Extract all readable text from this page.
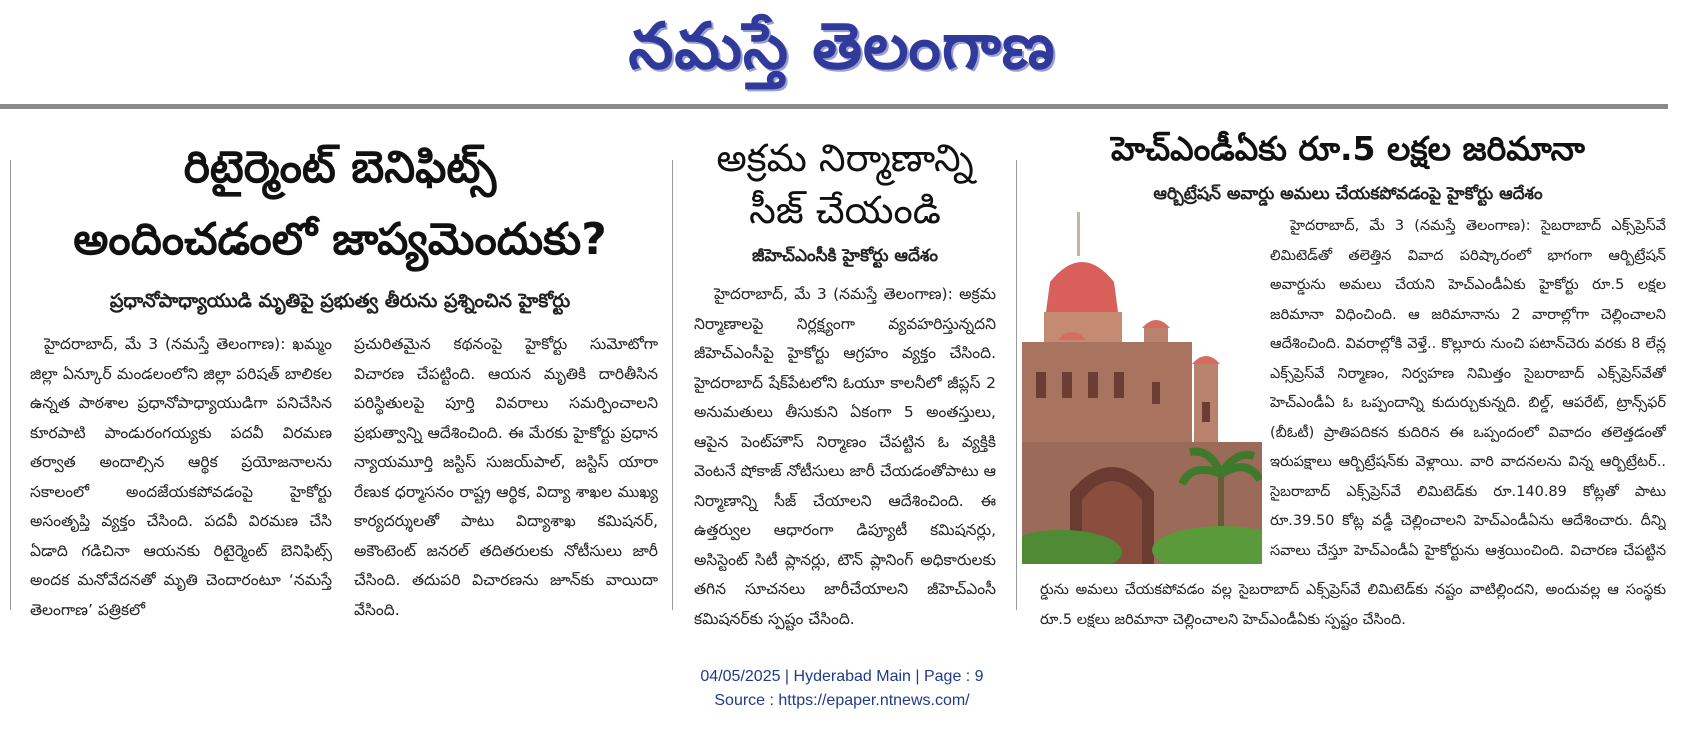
నమస్తే తెలంగాణ
రిటైర్మెంట్ బెనిఫిట్స్
అందించడంలో జాప్యమెందుకు?
ప్రధానోపాధ్యాయుడి మృతిపై ప్రభుత్వ తీరును ప్రశ్నించిన హైకోర్టు
హైదరాబాద్, మే 3 (నమస్తే తెలంగాణ): ఖమ్మం జిల్లా ఏన్కూర్ మండలంలోని జిల్లా పరిషత్ బాలికల ఉన్నత పాఠశాల ప్రధానోపాధ్యాయుడిగా పనిచేసిన కూరపాటి పాండురంగయ్యకు పదవీ విరమణ తర్వాత అందాల్సిన ఆర్థిక ప్రయోజనాలను సకాలంలో అందజేయకపోవడంపై హైకోర్టు అసంతృప్తి వ్యక్తం చేసింది. పదవీ విరమణ చేసి ఏడాది గడిచినా ఆయనకు రిటైర్మెంట్ బెనిఫిట్స్ అందక మనోవేదనతో మృతి చెందారంటూ ‘నమస్తే తెలంగాణ’ పత్రికలో
ప్రచురితమైన కథనంపై హైకోర్టు సుమోటోగా విచారణ చేపట్టింది. ఆయన మృతికి దారితీసిన పరిస్థితులపై పూర్తి వివరాలు సమర్పించాలని ప్రభుత్వాన్ని ఆదేశించింది. ఈ మేరకు హైకోర్టు ప్రధాన న్యాయమూర్తి జస్టిస్ సుజయ్‌పాల్, జస్టిస్ యారా రేణుక ధర్మాసనం రాష్ట్ర ఆర్థిక, విద్యా శాఖల ముఖ్య కార్యదర్శులతో పాటు విద్యాశాఖ కమిషనర్, అకౌంటెంట్ జనరల్ తదితరులకు నోటీసులు జారీ చేసింది. తదుపరి విచారణను జూన్‌కు వాయిదా వేసింది.
అక్రమ నిర్మాణాన్ని
సీజ్ చేయండి
జీహెచ్ఎంసీకి హైకోర్టు ఆదేశం
హైదరాబాద్, మే 3 (నమస్తే తెలంగాణ): అక్రమ నిర్మాణాలపై నిర్లక్ష్యంగా వ్యవహరిస్తున్నదని జీహెచ్ఎంసీపై హైకోర్టు ఆగ్రహం వ్యక్తం చేసింది. హైదరాబాద్ షేక్‌పేటలోని ఓయూ కాలనీలో జీప్లస్ 2 అనుమతులు తీసుకుని ఏకంగా 5 అంతస్తులు, ఆపైన పెంట్‌హౌస్ నిర్మాణం చేపట్టిన ఓ వ్యక్తికి వెంటనే షోకాజ్ నోటీసులు జారీ చేయడంతోపాటు ఆ నిర్మాణాన్ని సీజ్ చేయాలని ఆదేశించింది. ఈ ఉత్తర్వుల ఆధారంగా డిప్యూటీ కమిషనర్లు, అసిస్టెంట్ సిటీ ప్లానర్లు, టౌన్ ప్లానింగ్ అధికారులకు తగిన సూచనలు జారీచేయాలని జీహెచ్ఎంసీ కమిషనర్‌కు స్పష్టం చేసింది.
హెచ్ఎండీఏకు రూ.5 లక్షల జరిమానా
ఆర్బిట్రేషన్ అవార్డు అమలు చేయకపోవడంపై హైకోర్టు ఆదేశం
హైదరాబాద్, మే 3 (నమస్తే తెలంగాణ): సైబరాబాద్ ఎక్స్‌ప్రెస్‌వే లిమిటెడ్‌తో తలెత్తిన వివాద పరిష్కారంలో భాగంగా ఆర్బిట్రేషన్ అవార్డును అమలు చేయని హెచ్ఎండీఏకు హైకోర్టు రూ.5 లక్షల జరిమానా విధించింది. ఆ జరిమానాను 2 వారాల్లోగా చెల్లించాలని ఆదేశించింది. వివరాల్లోకి వెళ్తే.. కొల్లూరు నుంచి పటాన్‌చెరు వరకు 8 లేన్ల ఎక్స్‌ప్రెస్‌వే నిర్మాణం, నిర్వహణ నిమిత్తం సైబరాబాద్ ఎక్స్‌ప్రెస్‌వేతో హెచ్ఎండీఏ ఓ ఒప్పందాన్ని కుదుర్చుకున్నది. బిల్డ్, ఆపరేట్, ట్రాన్స్‌ఫర్ (బీఓటీ) ప్రాతిపదికన కుదిరిన ఈ ఒప్పందంలో వివాదం తలెత్తడంతో ఇరుపక్షాలు ఆర్బిట్రేషన్‌కు వెళ్లాయి. వారి వాదనలను విన్న ఆర్బిట్రేటర్.. సైబరాబాద్ ఎక్స్‌ప్రెస్‌వే లిమిటెడ్‌కు రూ.140.89 కోట్లతో పాటు రూ.39.50 కోట్ల వడ్డీ చెల్లించాలని హెచ్ఎండీఏను ఆదేశించారు. దీన్ని సవాలు చేస్తూ హెచ్ఎండీఏ హైకోర్టును ఆశ్రయించింది. విచారణ చేపట్టిన
ర్డును అమలు చేయకపోవడం వల్ల సైబరాబాద్ ఎక్స్‌ప్రెస్‌వే లిమిటెడ్‌కు నష్టం వాటిల్లిందని, అందువల్ల ఆ సంస్థకు రూ.5 లక్షలు జరిమానా చెల్లించాలని హెచ్ఎండీఏకు స్పష్టం చేసింది.
04/05/2025 | Hyderabad Main | Page : 9
Source : https://epaper.ntnews.com/
